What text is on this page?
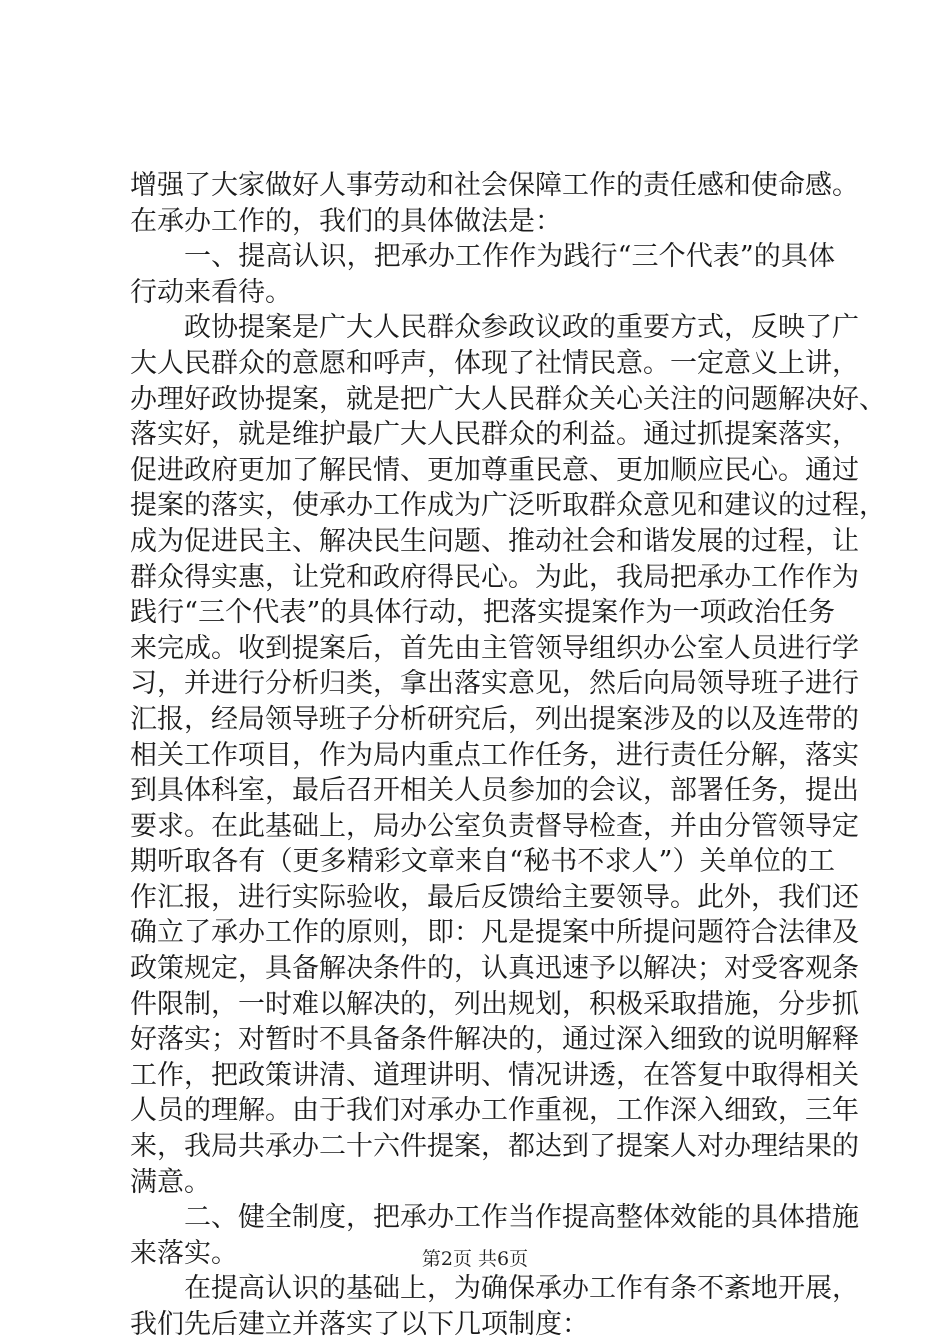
增强了大家做好人事劳动和社会保障工作的责任感和使命感。
在承办工作的，我们的具体做法是：
一、提高认识，把承办工作作为践行“三个代表”的具体
行动来看待。
政协提案是广大人民群众参政议政的重要方式，反映了广
大人民群众的意愿和呼声，体现了社情民意。一定意义上讲，
办理好政协提案，就是把广大人民群众关心关注的问题解决好、
落实好，就是维护最广大人民群众的利益。通过抓提案落实，
促进政府更加了解民情、更加尊重民意、更加顺应民心。通过
提案的落实，使承办工作成为广泛听取群众意见和建议的过程，
成为促进民主、解决民生问题、推动社会和谐发展的过程，让
群众得实惠，让党和政府得民心。为此，我局把承办工作作为
践行“三个代表”的具体行动，把落实提案作为一项政治任务
来完成。收到提案后，首先由主管领导组织办公室人员进行学
习，并进行分析归类，拿出落实意见，然后向局领导班子进行
汇报，经局领导班子分析研究后，列出提案涉及的以及连带的
相关工作项目，作为局内重点工作任务，进行责任分解，落实
到具体科室，最后召开相关人员参加的会议，部署任务，提出
要求。在此基础上，局办公室负责督导检查，并由分管领导定
期听取各有（更多精彩文章来自“秘书不求人”）关单位的工
作汇报，进行实际验收，最后反馈给主要领导。此外，我们还
确立了承办工作的原则，即：凡是提案中所提问题符合法律及
政策规定，具备解决条件的，认真迅速予以解决；对受客观条
件限制，一时难以解决的，列出规划，积极采取措施，分步抓
好落实；对暂时不具备条件解决的，通过深入细致的说明解释
工作，把政策讲清、道理讲明、情况讲透，在答复中取得相关
人员的理解。由于我们对承办工作重视，工作深入细致，三年
来，我局共承办二十六件提案，都达到了提案人对办理结果的
满意。
二、健全制度，把承办工作当作提高整体效能的具体措施
来落实。
在提高认识的基础上，为确保承办工作有条不紊地开展，
我们先后建立并落实了以下几项制度：
第2页 共6页
